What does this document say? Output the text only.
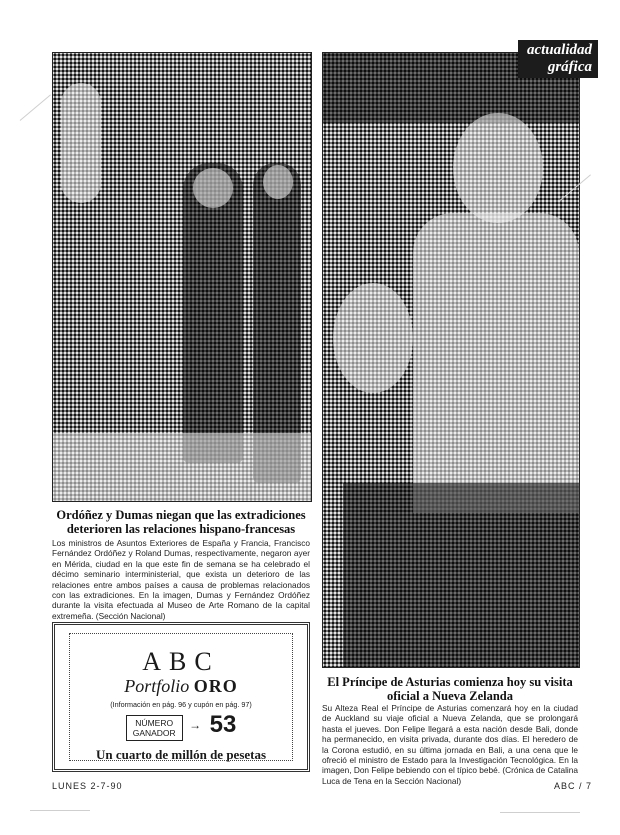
actualidad
gráfica
Ordóñez y Dumas niegan que las extradiciones deterioren las relaciones hispano-francesas
Los ministros de Asuntos Exteriores de España y Francia, Francisco Fernández Ordóñez y Roland Dumas, respectivamente, negaron ayer en Mérida, ciudad en la que este fin de semana se ha celebrado el décimo seminario interministerial, que exista un deterioro de las relaciones entre ambos países a causa de problemas relacionados con las extradiciones. En la imagen, Dumas y Fernández Ordóñez durante la visita efectuada al Museo de Arte Romano de la capital extremeña. (Sección Nacional)
ABC
Portfolio ORO
(Información en pág. 96 y cupón en pág. 97)
NÚMERO
GANADOR → 53
Un cuarto de millón de pesetas
El Príncipe de Asturias comienza hoy su visita oficial a Nueva Zelanda
Su Alteza Real el Príncipe de Asturias comenzará hoy en la ciudad de Auckland su viaje oficial a Nueva Zelanda, que se prolongará hasta el jueves. Don Felipe llegará a esta nación desde Bali, donde ha permanecido, en visita privada, durante dos días. El heredero de la Corona estudió, en su última jornada en Bali, a una cena que le ofreció el ministro de Estado para la Investigación Tecnológica. En la imagen, Don Felipe bebiendo con el típico bebé. (Crónica de Catalina Luca de Tena en la Sección Nacional)
LUNES 2-7-90	ABC / 7
